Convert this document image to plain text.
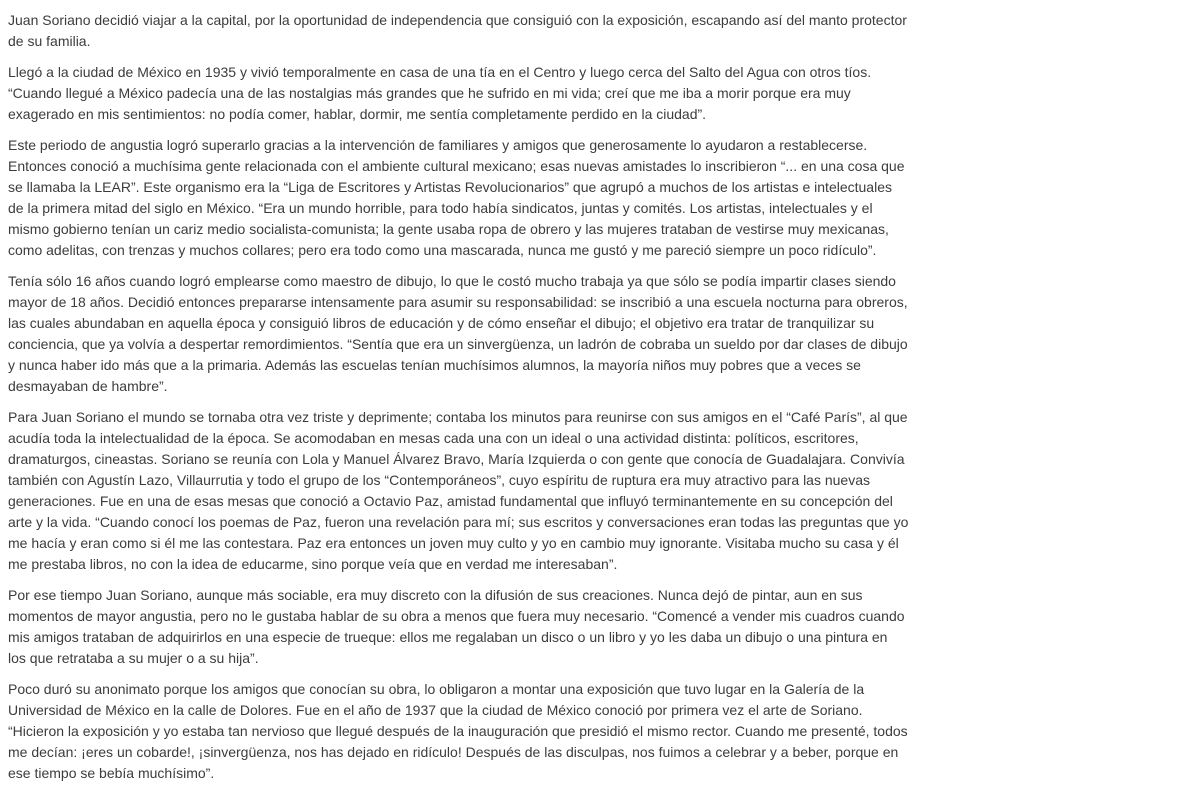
Juan Soriano decidió viajar a la capital, por la oportunidad de independencia que consiguió con la exposición, escapando así del manto protector de su familia.

Llegó a la ciudad de México en 1935 y vivió temporalmente en casa de una tía en el Centro y luego cerca del Salto del Agua con otros tíos. “Cuando llegué a México padecía una de las nostalgias más grandes que he sufrido en mi vida; creí que me iba a morir porque era muy exagerado en mis sentimientos: no podía comer, hablar, dormir, me sentía completamente perdido en la ciudad”.

Este periodo de angustia logró superarlo gracias a la intervención de familiares y amigos que generosamente lo ayudaron a restablecerse. Entonces conoció a muchísima gente relacionada con el ambiente cultural mexicano; esas nuevas amistades lo inscribieron “... en una cosa que se llamaba la LEAR”. Este organismo era la “Liga de Escritores y Artistas Revolucionarios” que agrupó a muchos de los artistas e intelectuales de la primera mitad del siglo en México. “Era un mundo horrible, para todo había sindicatos, juntas y comités. Los artistas, intelectuales y el mismo gobierno tenían un cariz medio socialista-comunista; la gente usaba ropa de obrero y las mujeres trataban de vestirse muy mexicanas, como adelitas, con trenzas y muchos collares; pero era todo como una mascarada, nunca me gustó y me pareció siempre un poco ridículo”.

Tenía sólo 16 años cuando logró emplearse como maestro de dibujo, lo que le costó mucho trabaja ya que sólo se podía impartir clases siendo mayor de 18 años. Decidió entonces prepararse intensamente para asumir su responsabilidad: se inscribió a una escuela nocturna para obreros, las cuales abundaban en aquella época y consiguió libros de educación y de cómo enseñar el dibujo; el objetivo era tratar de tranquilizar su conciencia, que ya volvía a despertar remordimientos. “Sentía que era un sinvergüenza, un ladrón de cobraba un sueldo por dar clases de dibujo y nunca haber ido más que a la primaria. Además las escuelas tenían muchísimos alumnos, la mayoría niños muy pobres que a veces se desmayaban de hambre”.

Para Juan Soriano el mundo se tornaba otra vez triste y deprimente; contaba los minutos para reunirse con sus amigos en el “Café París”, al que acudía toda la intelectualidad de la época. Se acomodaban en mesas cada una con un ideal o una actividad distinta: políticos, escritores, dramaturgos, cineastas. Soriano se reunía con Lola y Manuel Álvarez Bravo, María Izquierda o con gente que conocía de Guadalajara. Convivía también con Agustín Lazo, Villaurrutia y todo el grupo de los “Contemporáneos”, cuyo espíritu de ruptura era muy atractivo para las nuevas generaciones. Fue en una de esas mesas que conoció a Octavio Paz, amistad fundamental que influyó terminantemente en su concepción del arte y la vida. “Cuando conocí los poemas de Paz, fueron una revelación para mí; sus escritos y conversaciones eran todas las preguntas que yo me hacía y eran como si él me las contestara. Paz era entonces un joven muy culto y yo en cambio muy ignorante. Visitaba mucho su casa y él me prestaba libros, no con la idea de educarme, sino porque veía que en verdad me interesaban”.

Por ese tiempo Juan Soriano, aunque más sociable, era muy discreto con la difusión de sus creaciones. Nunca dejó de pintar, aun en sus momentos de mayor angustia, pero no le gustaba hablar de su obra a menos que fuera muy necesario. “Comencé a vender mis cuadros cuando mis amigos trataban de adquirirlos en una especie de trueque: ellos me regalaban un disco o un libro y yo les daba un dibujo o una pintura en los que retrataba a su mujer o a su hija”.

Poco duró su anonimato porque los amigos que conocían su obra, lo obligaron a montar una exposición que tuvo lugar en la Galería de la Universidad de México en la calle de Dolores. Fue en el año de 1937 que la ciudad de México conoció por primera vez el arte de Soriano. “Hicieron la exposición y yo estaba tan nervioso que llegué después de la inauguración que presidió el mismo rector. Cuando me presenté, todos me decían: ¡eres un cobarde!, ¡sinvergüenza, nos has dejado en ridículo! Después de las disculpas, nos fuimos a celebrar y a beber, porque en ese tiempo se bebía muchísimo”.
